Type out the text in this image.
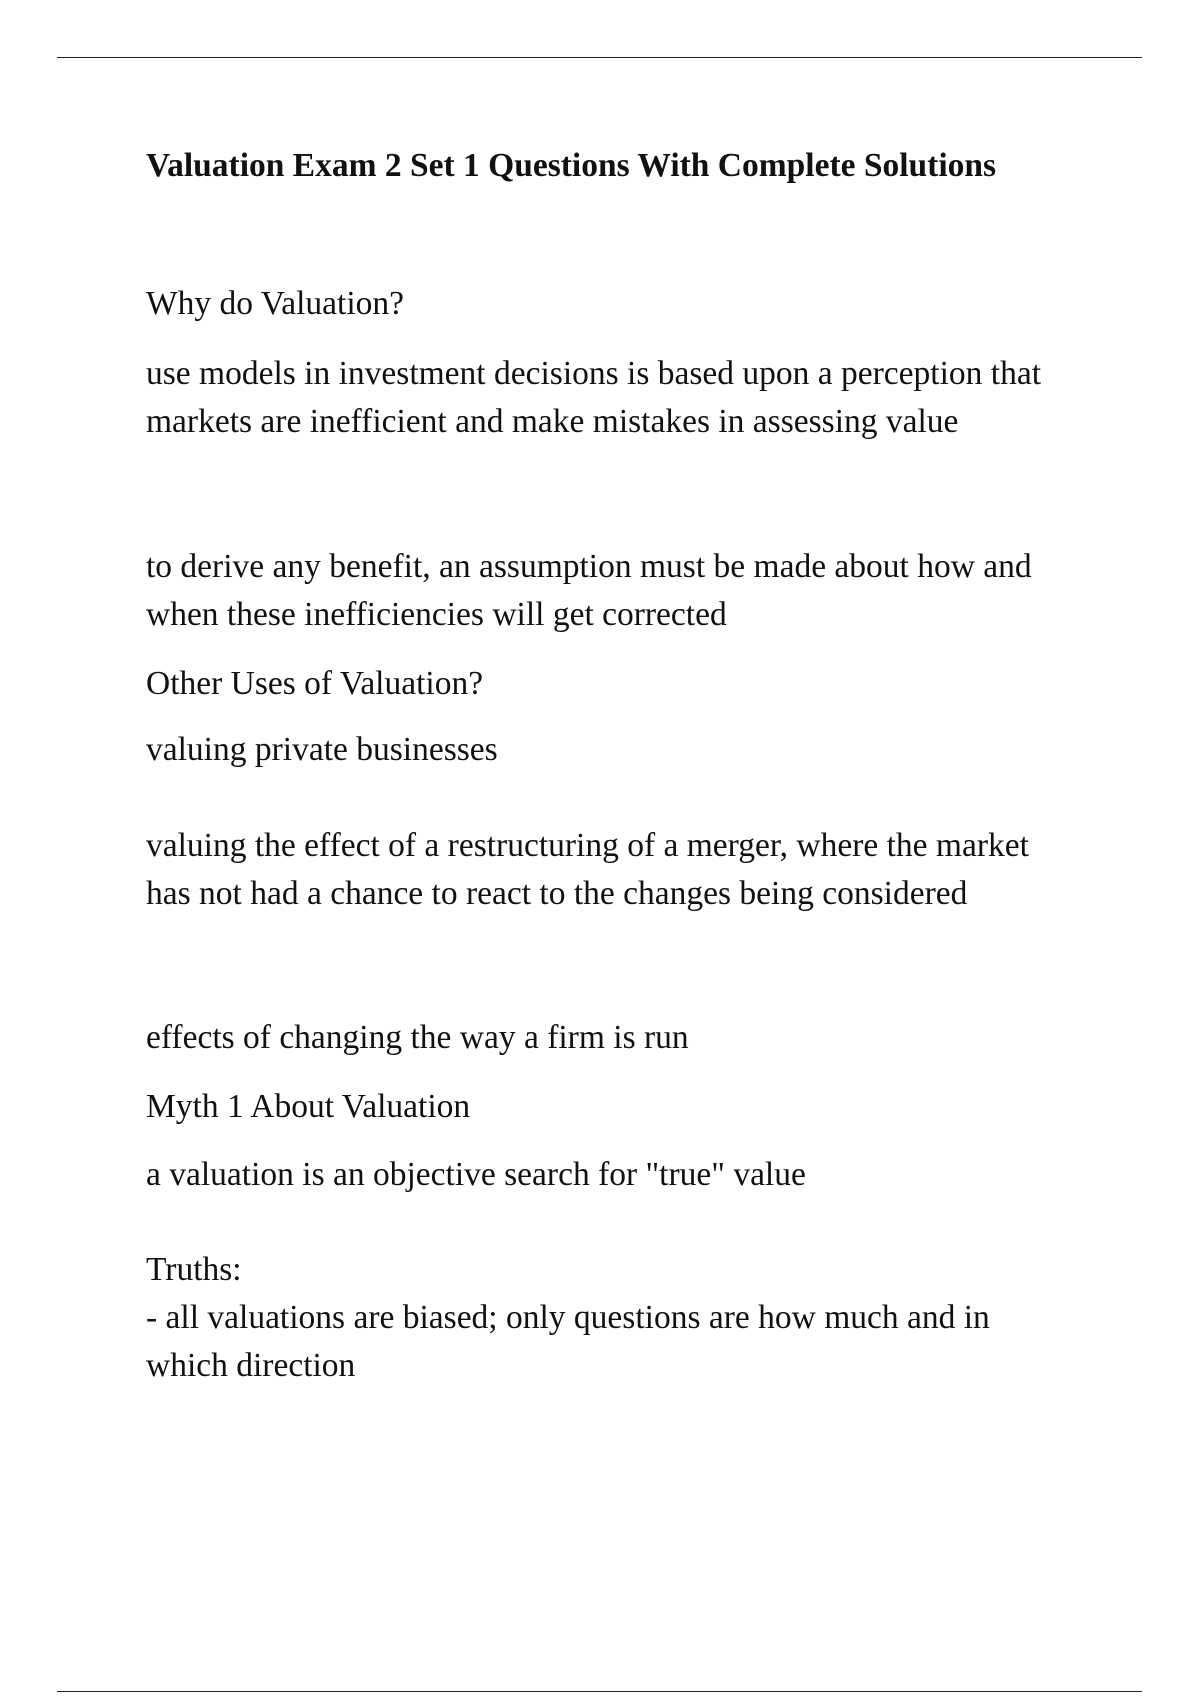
Valuation Exam 2 Set 1 Questions With Complete Solutions

Why do Valuation?

use models in investment decisions is based upon a perception that markets are inefficient and make mistakes in assessing value

to derive any benefit, an assumption must be made about how and when these inefficiencies will get corrected

Other Uses of Valuation?

valuing private businesses

valuing the effect of a restructuring of a merger, where the market has not had a chance to react to the changes being considered

effects of changing the way a firm is run

Myth 1 About Valuation

a valuation is an objective search for "true" value

Truths:
- all valuations are biased; only questions are how much and in which direction
